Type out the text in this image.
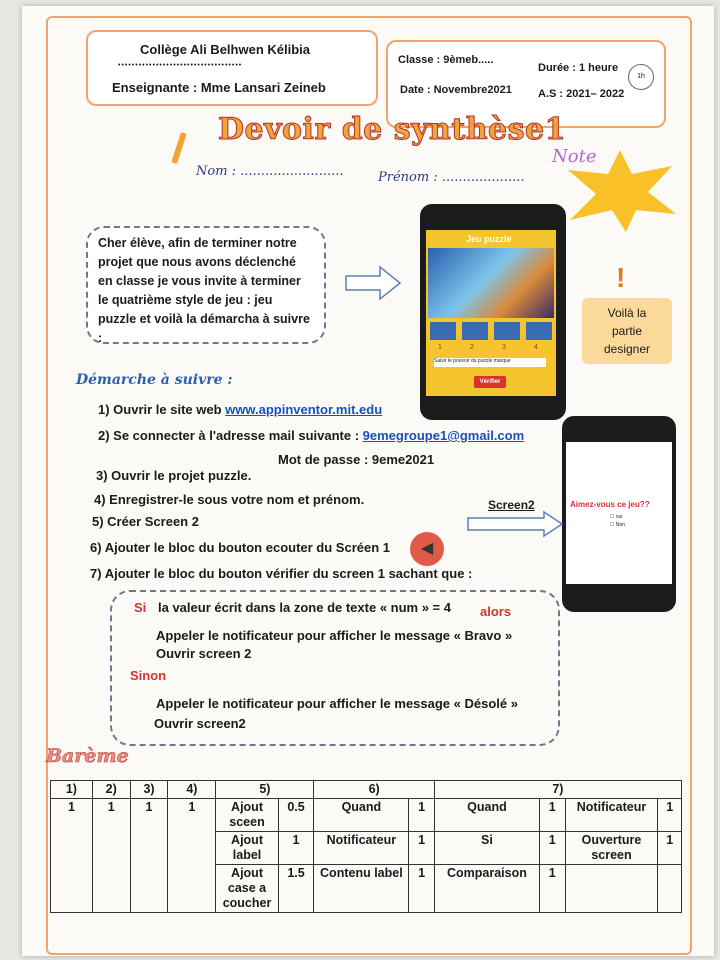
Collège Ali Belhwen Kélibia
••••••••••••••••••••••••••••••••••••
Enseignante : Mme Lansari Zeineb
Classe : 9èmeb.....
Durée : 1 heure
Date : Novembre2021 A.S : 2021– 2022
1h
Devoir de synthèse1
Note
Nom : .........................	Prénom : ....................
Cher élève, afin de terminer notre projet que nous avons déclenché en classe je vous invite à terminer le quatrième style de jeu : jeu puzzle et voilà la démarcha à suivre :
Jeu puzzle
1	2	3	4
Saisir le pouvoir du puzzle marque
Vérifier
Voilà la
partie
designer
!
Aimez-vous ce jeu??
☐ oui
☐ Non
Screen2
Démarche à suivre :
1) Ouvrir le site web www.appinventor.mit.edu
2) Se connecter à l'adresse mail suivante : 9emegroupe1@gmail.com
Mot de passe : 9eme2021
3) Ouvrir le projet puzzle.
4) Enregistrer-le sous votre nom et prénom.
5) Créer Screen 2
6) Ajouter le bloc du bouton ecouter du Scréen 1
7) Ajouter le bloc du bouton vérifier du screen 1 sachant que :
◀
Si la valeur écrit dans la zone de texte « num » = 4 alors
Appeler le notificateur pour afficher le message « Bravo »
Ouvrir screen 2
Sinon
Appeler le notificateur pour afficher le message « Désolé »
Ouvrir screen2
Barème
1)	2)	3)	4)	5)		6)		7)			
1	1	1	1	Ajout sceen	0.5	Quand	1	Quand	1	Notificateur	1
				Ajout label	1	Notificateur	1	Si	1	Ouverture screen	1
				Ajout case a coucher	1.5	Contenu label	1	Comparaison	1		
